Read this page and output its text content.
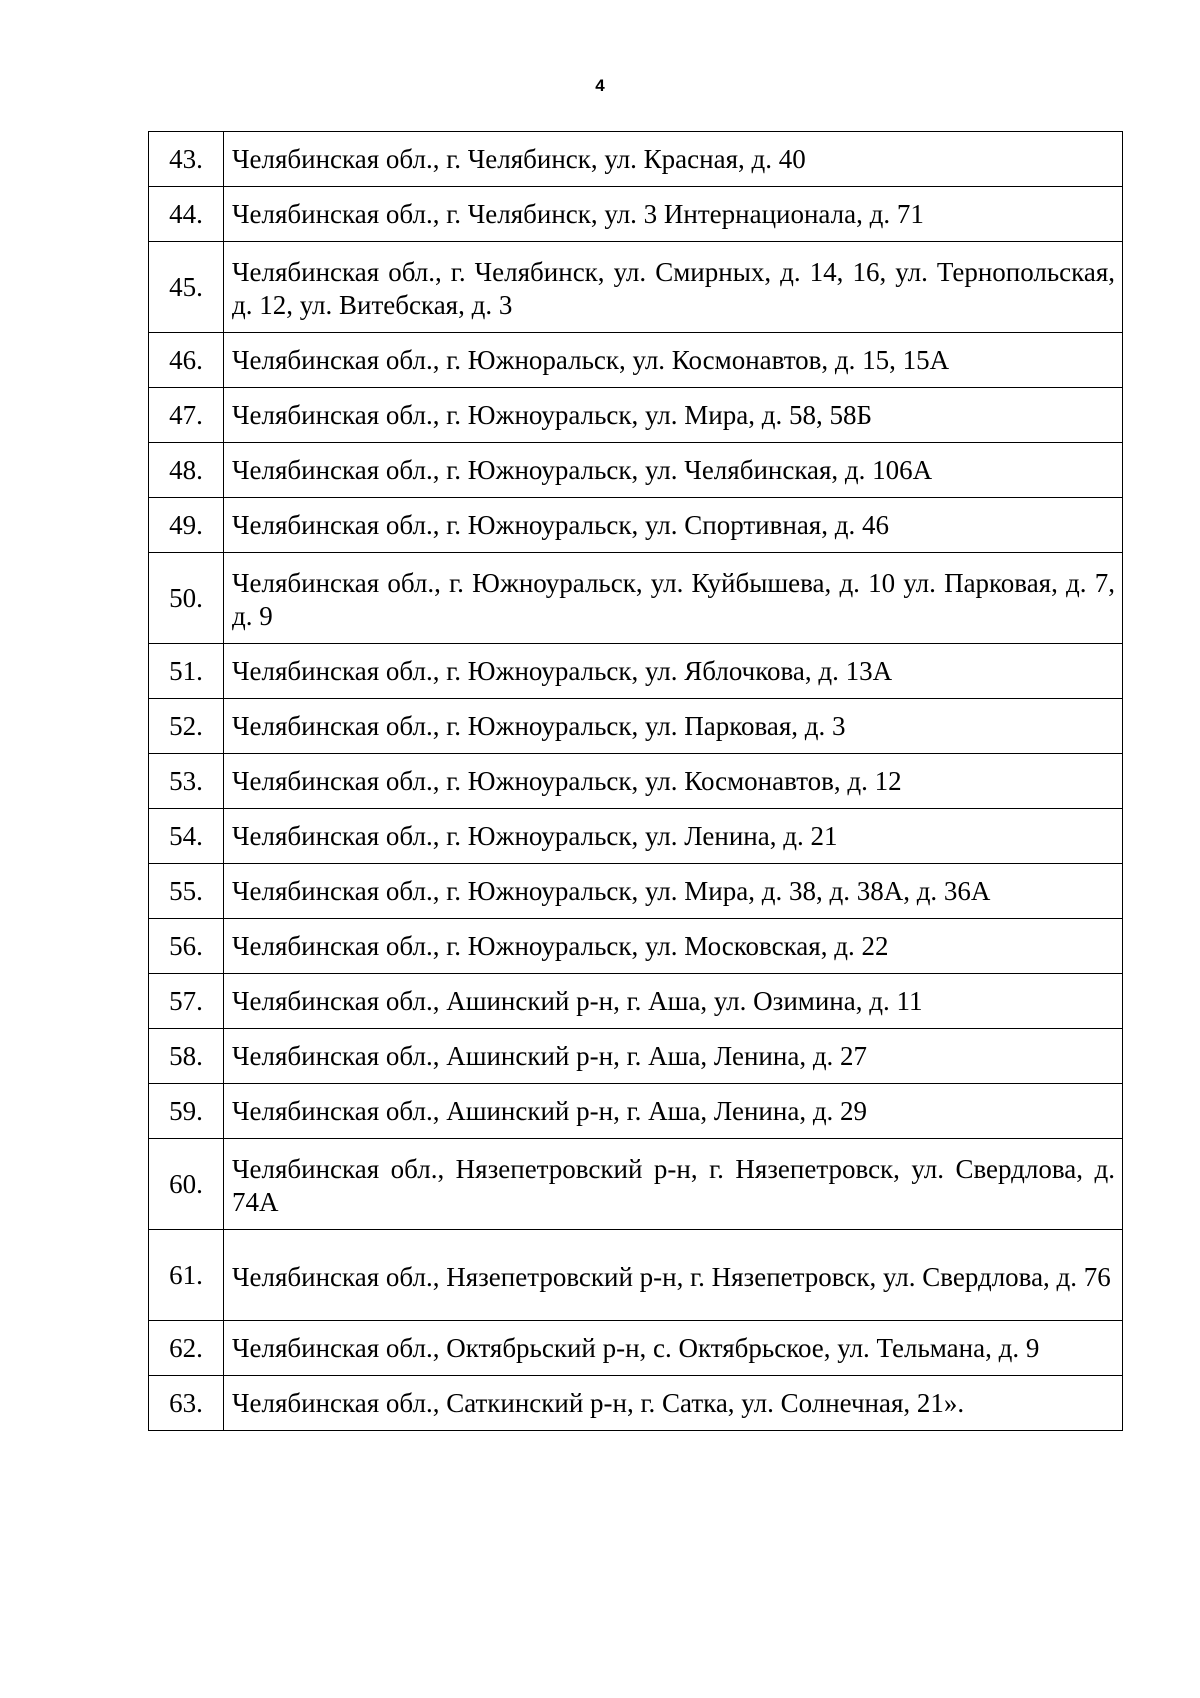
4
43.	Челябинская обл., г. Челябинск, ул. Красная, д. 40
44.	Челябинская обл., г. Челябинск, ул. 3 Интернационала, д. 71
45.	Челябинская обл., г. Челябинск, ул. Смирных, д. 14, 16, ул. Тернопольская, д. 12, ул. Витебская, д. 3
46.	Челябинская обл., г. Южноральск, ул. Космонавтов, д. 15, 15А
47.	Челябинская обл., г. Южноуральск, ул. Мира, д. 58, 58Б
48.	Челябинская обл., г. Южноуральск, ул. Челябинская, д. 106А
49.	Челябинская обл., г. Южноуральск, ул. Спортивная, д. 46
50.	Челябинская обл., г. Южноуральск, ул. Куйбышева, д. 10 ул. Парковая, д. 7, д. 9
51.	Челябинская обл., г. Южноуральск, ул. Яблочкова, д. 13А
52.	Челябинская обл., г. Южноуральск, ул. Парковая, д. 3
53.	Челябинская обл., г. Южноуральск, ул. Космонавтов, д. 12
54.	Челябинская обл., г. Южноуральск, ул. Ленина, д. 21
55.	Челябинская обл., г. Южноуральск, ул. Мира, д. 38, д. 38А, д. 36А
56.	Челябинская обл., г. Южноуральск, ул. Московская, д. 22
57.	Челябинская обл., Ашинский р-н, г. Аша, ул. Озимина, д. 11
58.	Челябинская обл., Ашинский р-н, г. Аша, Ленина, д. 27
59.	Челябинская обл., Ашинский р-н, г. Аша, Ленина, д. 29
60.	Челябинская обл., Нязепетровский р-н, г. Нязепетровск, ул. Свердлова, д. 74А
61.	Челябинская обл., Нязепетровский р-н, г. Нязепетровск, ул. Свердлова, д. 76
62.	Челябинская обл., Октябрьский р-н, с. Октябрьское, ул. Тельмана, д. 9
63.	Челябинская обл., Саткинский р-н, г. Сатка, ул. Солнечная, 21».
